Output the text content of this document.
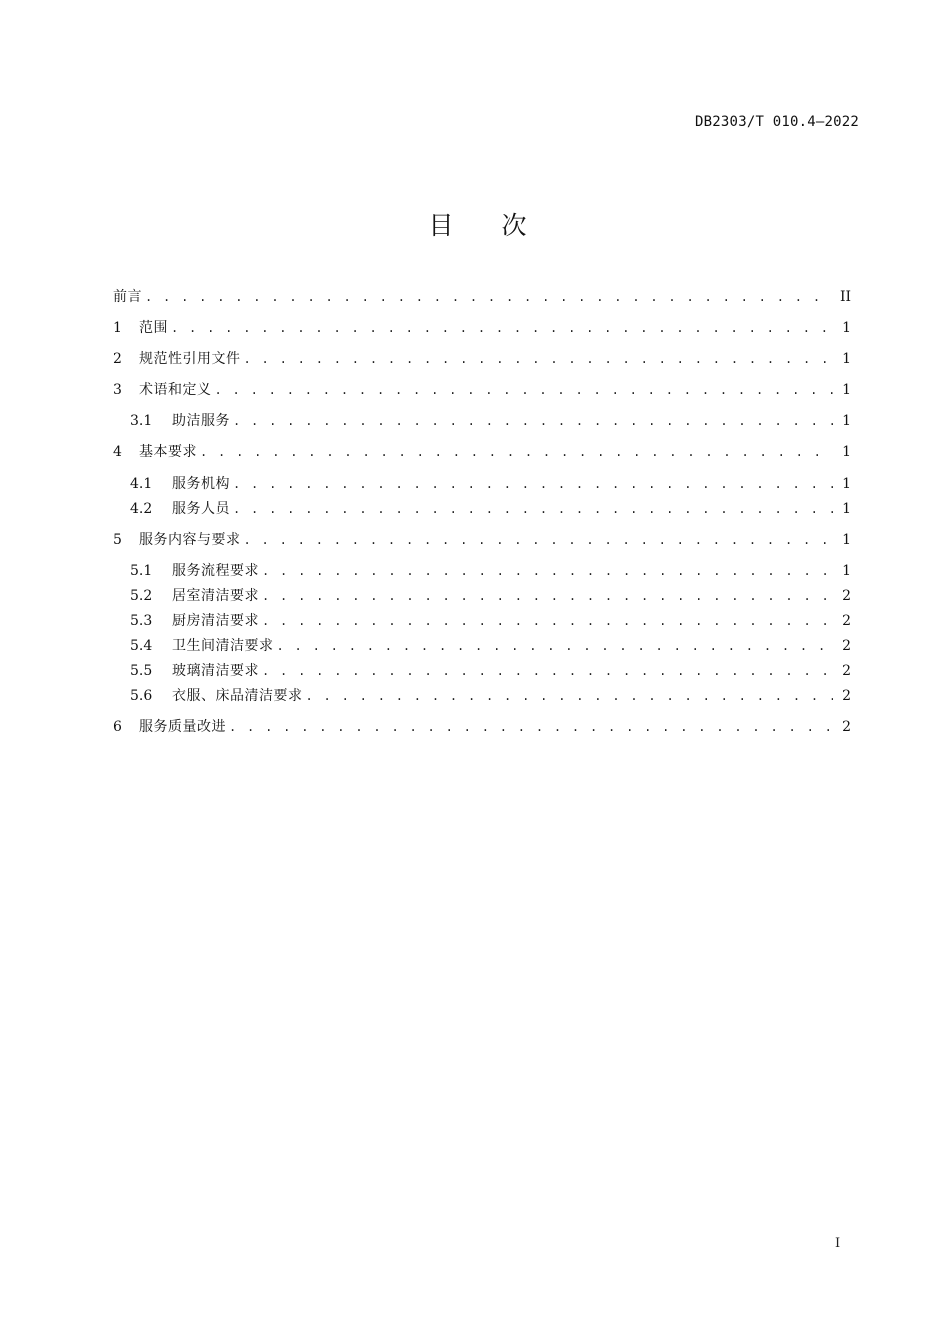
DB2303/T 010.4—2022
目 次
前言 . . .	II
1	范围 . . .	1
2	规范性引用文件 . . .	1
3	术语和定义 . . .	1
3.1	助洁服务 . . .	1
4	基本要求 . . .	1
4.1	服务机构 . . .	1
4.2	服务人员 . . .	1
5	服务内容与要求 . . .	1
5.1	服务流程要求 . . .	1
5.2	居室清洁要求 . . .	2
5.3	厨房清洁要求 . . .	2
5.4	卫生间清洁要求 . . .	2
5.5	玻璃清洁要求 . . .	2
5.6	衣服、床品清洁要求 . . .	2
6	服务质量改进 . . .	2
I
